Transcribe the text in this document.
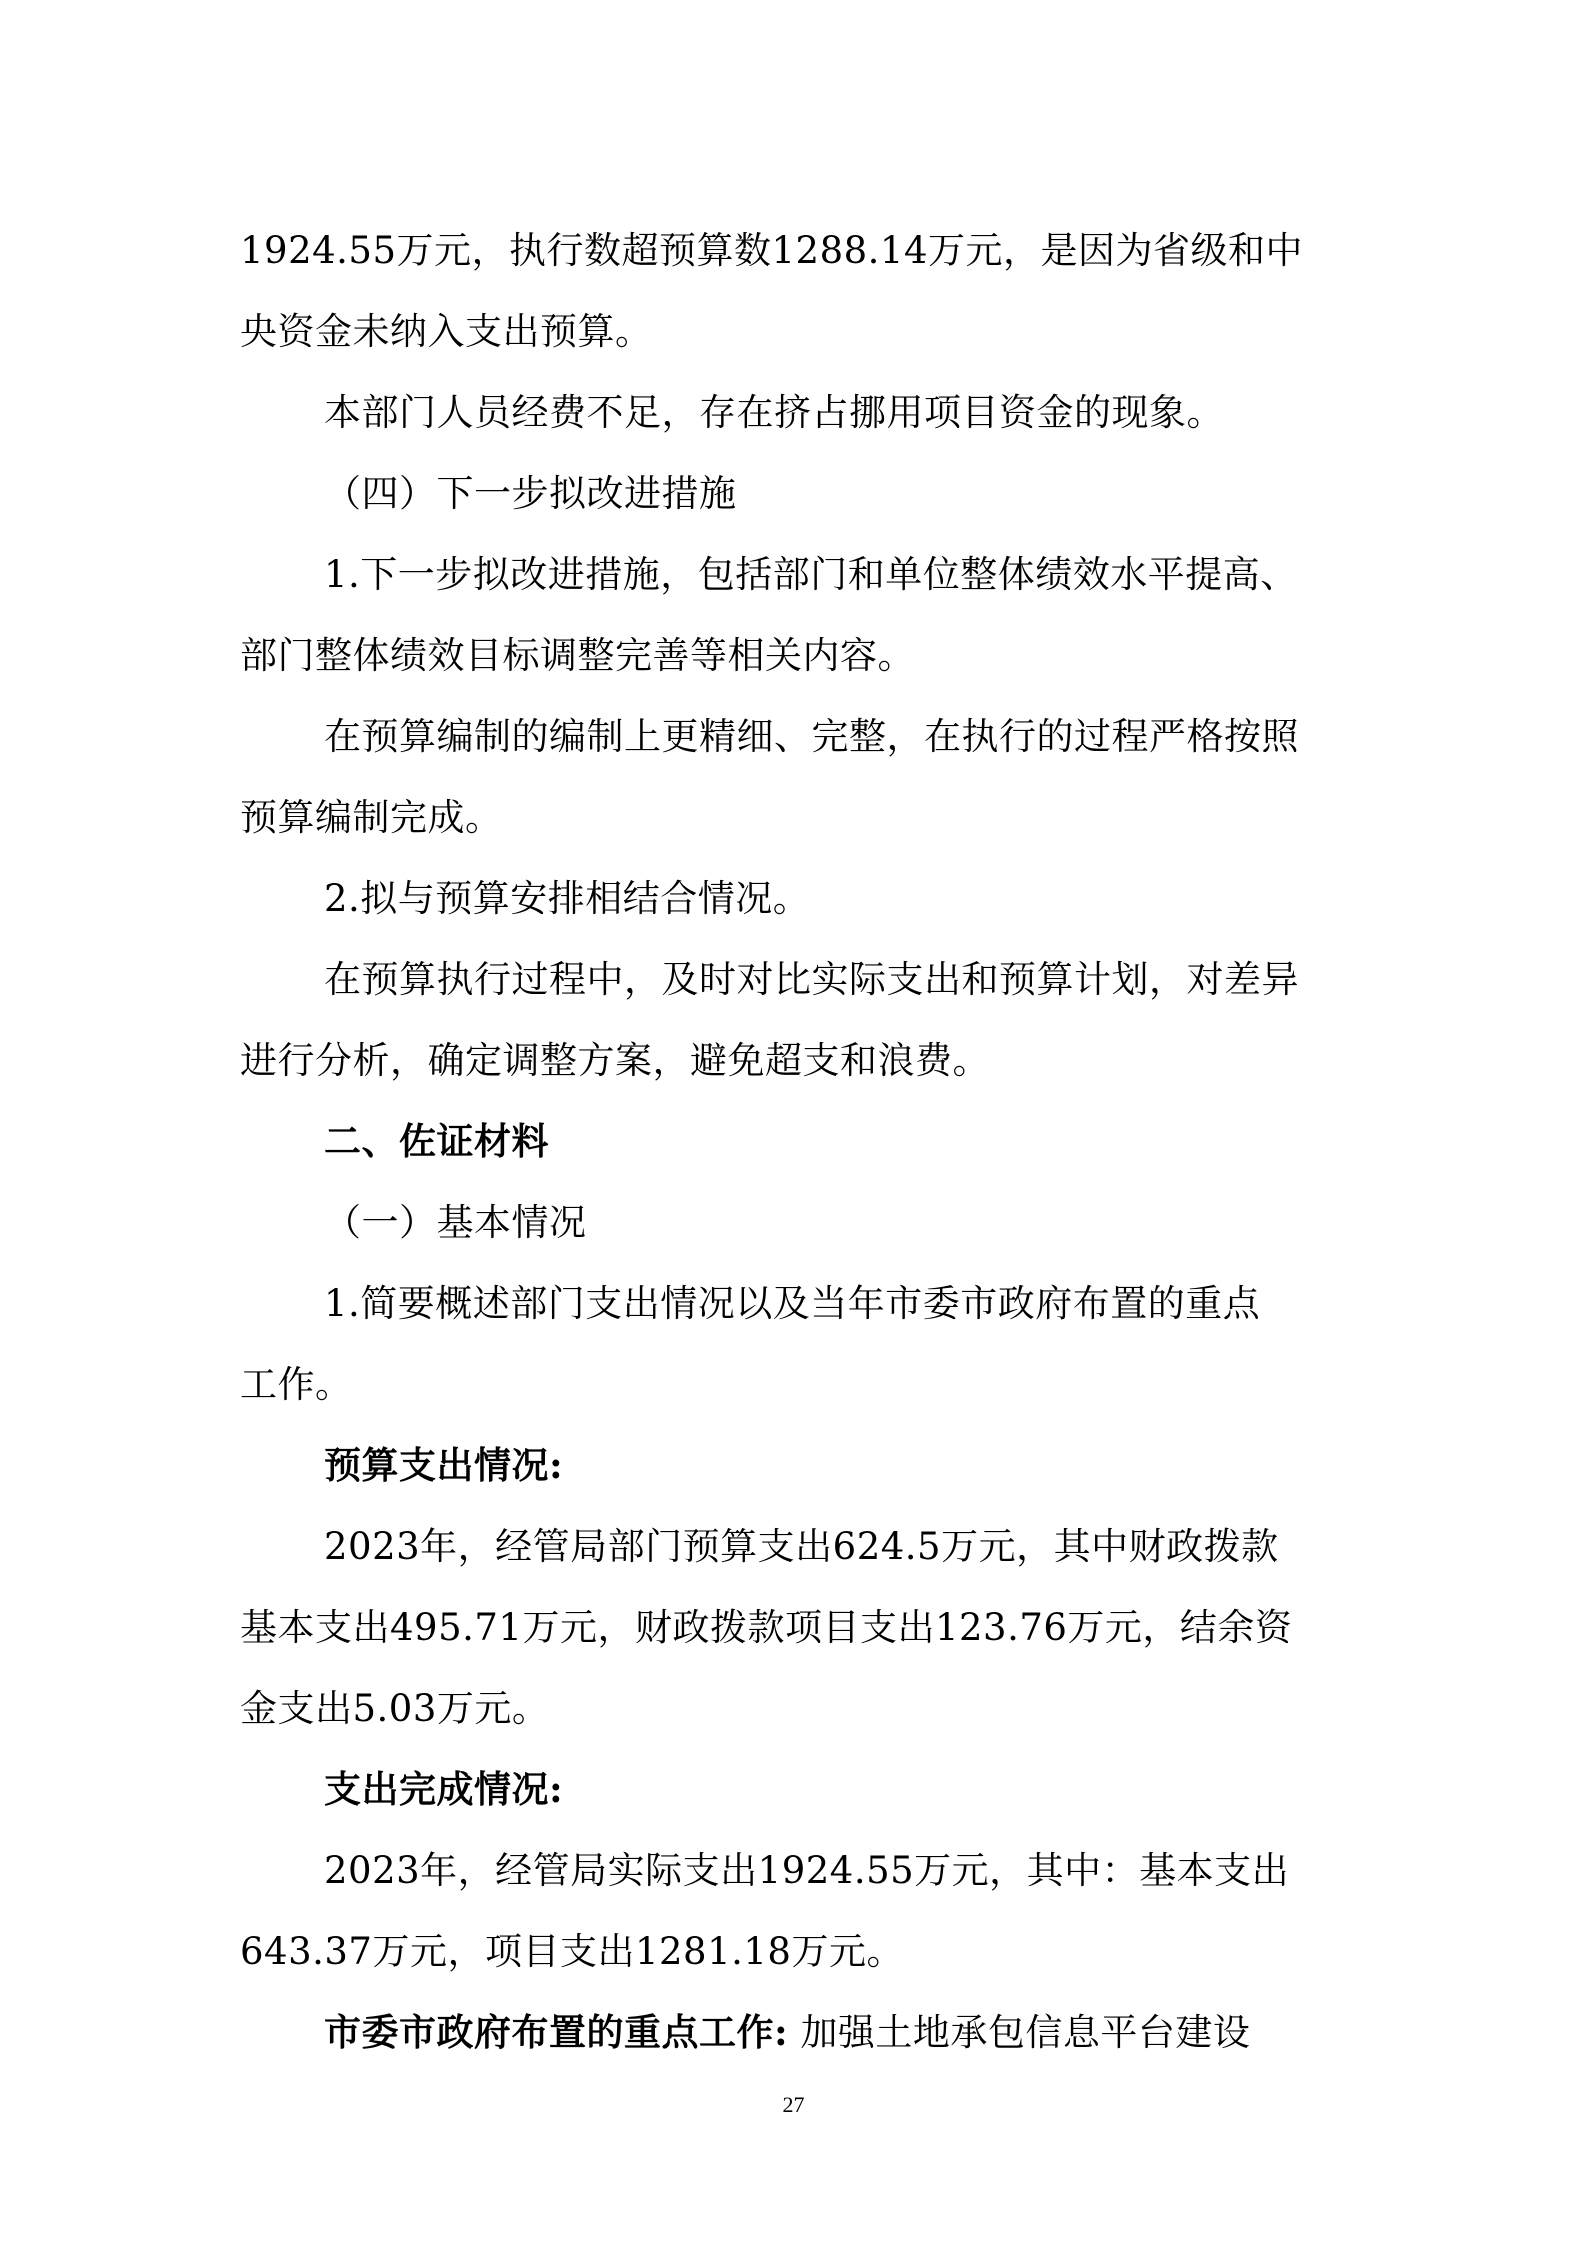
1924.55万元，执行数超预算数1288.14万元，是因为省级和中
央资金未纳入支出预算。
本部门人员经费不足，存在挤占挪用项目资金的现象。
（四）下一步拟改进措施
1.下一步拟改进措施，包括部门和单位整体绩效水平提高、
部门整体绩效目标调整完善等相关内容。
在预算编制的编制上更精细、完整，在执行的过程严格按照
预算编制完成。
2.拟与预算安排相结合情况。
在预算执行过程中，及时对比实际支出和预算计划，对差异
进行分析，确定调整方案，避免超支和浪费。
二、佐证材料
（一）基本情况
1.简要概述部门支出情况以及当年市委市政府布置的重点
工作。
预算支出情况:
2023年，经管局部门预算支出624.5万元，其中财政拨款
基本支出495.71万元，财政拨款项目支出123.76万元，结余资
金支出5.03万元。
支出完成情况:
2023年，经管局实际支出1924.55万元，其中：基本支出
643.37万元，项目支出1281.18万元。
市委市政府布置的重点工作: 加强土地承包信息平台建设
27
